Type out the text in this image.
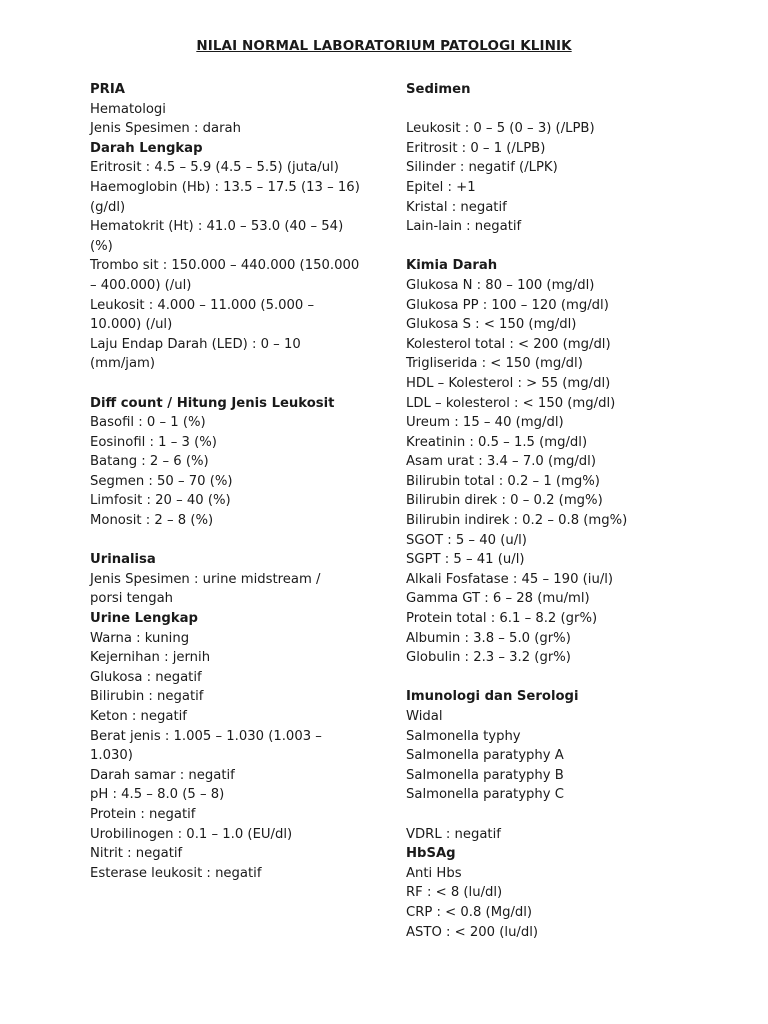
NILAI NORMAL LABORATORIUM PATOLOGI KLINIK
PRIA
Hematologi
Jenis Spesimen : darah
Darah Lengkap
Eritrosit : 4.5 – 5.9 (4.5 – 5.5) (juta/ul)
Haemoglobin (Hb) : 13.5 – 17.5 (13 – 16)
(g/dl)
Hematokrit (Ht) : 41.0 – 53.0 (40 – 54)
(%)
Trombo sit : 150.000 – 440.000 (150.000
– 400.000) (/ul)
Leukosit : 4.000 – 11.000 (5.000 –
10.000) (/ul)
Laju Endap Darah (LED) : 0 – 10
(mm/jam)
Diff count / Hitung Jenis Leukosit
Basofil : 0 – 1 (%)
Eosinofil : 1 – 3 (%)
Batang : 2 – 6 (%)
Segmen : 50 – 70 (%)
Limfosit : 20 – 40 (%)
Monosit : 2 – 8 (%)
Urinalisa
Jenis Spesimen : urine midstream /
porsi tengah
Urine Lengkap
Warna : kuning
Kejernihan : jernih
Glukosa : negatif
Bilirubin : negatif
Keton : negatif
Berat jenis : 1.005 – 1.030 (1.003 –
1.030)
Darah samar : negatif
pH : 4.5 – 8.0 (5 – 8)
Protein : negatif
Urobilinogen : 0.1 – 1.0 (EU/dl)
Nitrit : negatif
Esterase leukosit : negatif
Sedimen
Leukosit : 0 – 5 (0 – 3) (/LPB)
Eritrosit : 0 – 1 (/LPB)
Silinder : negatif (/LPK)
Epitel : +1
Kristal : negatif
Lain-lain : negatif
Kimia Darah
Glukosa N : 80 – 100 (mg/dl)
Glukosa PP : 100 – 120 (mg/dl)
Glukosa S : < 150 (mg/dl)
Kolesterol total : < 200 (mg/dl)
Trigliserida : < 150 (mg/dl)
HDL – Kolesterol : > 55 (mg/dl)
LDL – kolesterol : < 150 (mg/dl)
Ureum : 15 – 40 (mg/dl)
Kreatinin : 0.5 – 1.5 (mg/dl)
Asam urat : 3.4 – 7.0 (mg/dl)
Bilirubin total : 0.2 – 1 (mg%)
Bilirubin direk : 0 – 0.2 (mg%)
Bilirubin indirek : 0.2 – 0.8 (mg%)
SGOT : 5 – 40 (u/l)
SGPT : 5 – 41 (u/l)
Alkali Fosfatase : 45 – 190 (iu/l)
Gamma GT : 6 – 28 (mu/ml)
Protein total : 6.1 – 8.2 (gr%)
Albumin : 3.8 – 5.0 (gr%)
Globulin : 2.3 – 3.2 (gr%)
Imunologi dan Serologi
Widal
Salmonella typhy
Salmonella paratyphy A
Salmonella paratyphy B
Salmonella paratyphy C
VDRL : negatif
HbSAg
Anti Hbs
RF : < 8 (lu/dl)
CRP : < 0.8 (Mg/dl)
ASTO : < 200 (lu/dl)
